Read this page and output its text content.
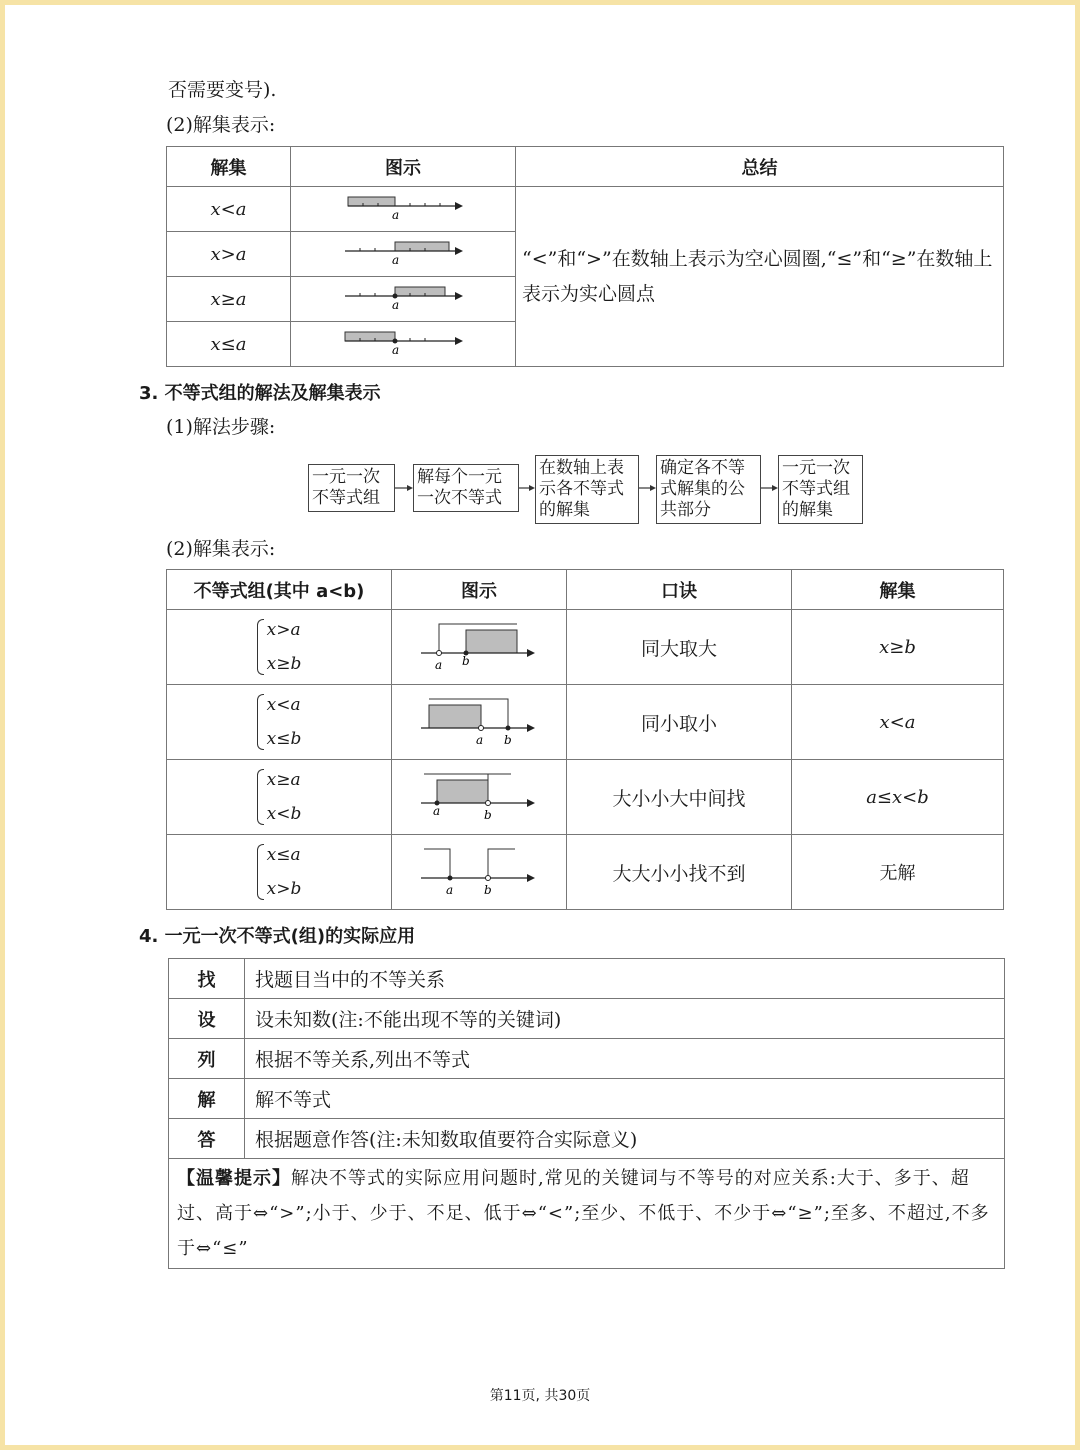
否需要变号).
(2)解集表示:
解集	图示	总结
x<a	a	“<”和“>”在数轴上表示为空心圆圈,“≤”和“≥”在数轴上表示为实心圆点

x>a	a	

x≥a	a	

x≤a	a	
3. 不等式组的解法及解集表示
(1)解法步骤:
一元一次不等式组
解每个一元一次不等式
在数轴上表示各不等式的解集
确定各不等式解集的公共部分
一元一次不等式组的解集
(2)解集表示:
不等式组(其中 a<b)	图示	口诀	解集
x>a
x≥b	a b	同大取大	x≥b
x<a
x≤b	a b	同小取小	x<a
x≥a
x<b	a b	大小小大中间找	a≤x<b
x≤a
x>b	a b	大大小小找不到	无解
4. 一元一次不等式(组)的实际应用
找	找题目当中的不等关系
设	设未知数(注:不能出现不等的关键词)
列	根据不等关系,列出不等式
解	解不等式
答	根据题意作答(注:未知数取值要符合实际意义)
【温馨提示】解决不等式的实际应用问题时,常见的关键词与不等号的对应关系:大于、多于、超过、高于⇔“>”;小于、少于、不足、低于⇔“<”;至少、不低于、不少于⇔“≥”;至多、不超过,不多于⇔“≤”	
第11页, 共30页
